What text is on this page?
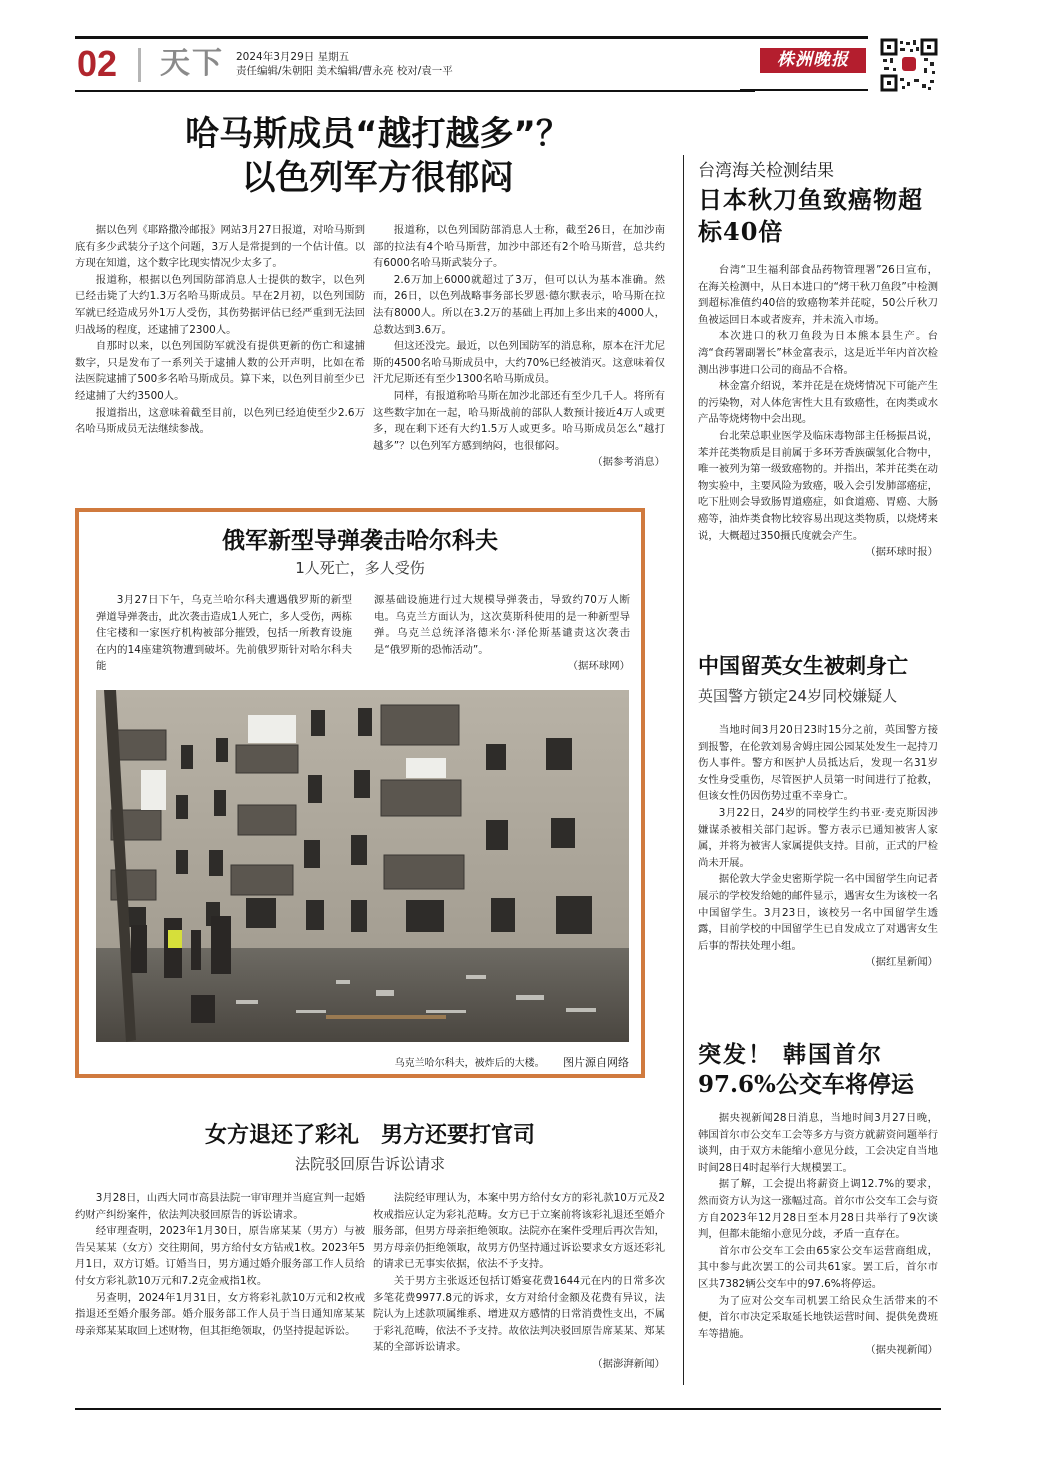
02 天下 2024年3月29日 星期五
责任编辑/朱朝阳 美术编辑/曹永亮 校对/袁一平
株洲晚报
哈马斯成员“越打越多”？
以色列军方很郁闷

据以色列《耶路撒冷邮报》网站3月27日报道，对哈马斯到底有多少武装分子这个问题，3万人是常提到的一个估计值。以方现在知道，这个数字比现实情况少太多了。

报道称，根据以色列国防部消息人士提供的数字，以色列已经击毙了大约1.3万名哈马斯成员。早在2月初，以色列国防军就已经造成另外1万人受伤，其伤势据评估已经严重到无法回归战场的程度，还逮捕了2300人。

自那时以来，以色列国防军就没有提供更新的伤亡和逮捕数字，只是发布了一系列关于逮捕人数的公开声明，比如在希法医院逮捕了500多名哈马斯成员。算下来，以色列目前至少已经逮捕了大约3500人。

报道指出，这意味着截至目前，以色列已经迫使至少2.6万名哈马斯成员无法继续参战。

报道称，以色列国防部消息人士称，截至26日，在加沙南部的拉法有4个哈马斯营，加沙中部还有2个哈马斯营，总共约有6000名哈马斯武装分子。

2.6万加上6000就超过了3万，但可以认为基本准确。然而，26日，以色列战略事务部长罗恩·德尔默表示，哈马斯在拉法有8000人。所以在3.2万的基础上再加上多出来的4000人，总数达到3.6万。

但这还没完。最近，以色列国防军的消息称，原本在汗尤尼斯的4500名哈马斯成员中，大约70%已经被消灭。这意味着仅汗尤尼斯还有至少1300名哈马斯成员。

同样，有报道称哈马斯在加沙北部还有至少几千人。将所有这些数字加在一起，哈马斯战前的部队人数预计接近4万人或更多，现在剩下还有大约1.5万人或更多。哈马斯成员怎么“越打越多”？以色列军方感到纳闷，也很郁闷。

（据参考消息）

俄军新型导弹袭击哈尔科夫
1人死亡，多人受伤

3月27日下午，乌克兰哈尔科夫遭遇俄罗斯的新型弹道导弹袭击，此次袭击造成1人死亡，多人受伤，两栋住宅楼和一家医疗机构被部分摧毁，包括一所教育设施在内的14座建筑物遭到破坏。先前俄罗斯针对哈尔科夫能

源基础设施进行过大规模导弹袭击，导致约70万人断电。乌克兰方面认为，这次莫斯科使用的是一种新型导弹。乌克兰总统泽洛德米尔·泽伦斯基谴责这次袭击是“俄罗斯的恐怖活动”。

（据环球网）

乌克兰哈尔科夫，被炸后的大楼。 图片源自网络
女方退还了彩礼　男方还要打官司
法院驳回原告诉讼请求

3月28日，山西大同市高县法院一审审理并当庭宣判一起婚约财产纠纷案件，依法判决驳回原告的诉讼请求。

经审理查明，2023年1月30日，原告席某某（男方）与被告吴某某（女方）交往期间，男方给付女方钻戒1枚。2023年5月1日，双方订婚。订婚当日，男方通过婚介服务部工作人员给付女方彩礼款10万元和7.2克金戒指1枚。

另查明，2024年1月31日，女方将彩礼款10万元和2枚戒指退还至婚介服务部。婚介服务部工作人员于当日通知席某某母亲郑某某取回上述财物，但其拒绝领取，仍坚持提起诉讼。

法院经审理认为，本案中男方给付女方的彩礼款10万元及2枚戒指应认定为彩礼范畴。女方已于立案前将该彩礼退还至婚介服务部，但男方母亲拒绝领取。法院亦在案件受理后再次告知，男方母亲仍拒绝领取，故男方仍坚持通过诉讼要求女方返还彩礼的请求已无事实依据，依法不予支持。

关于男方主张返还包括订婚宴花费1644元在内的日常多次多笔花费9977.8元的诉求，女方对给付金额及花费有异议，法院认为上述款项属维系、增进双方感情的日常消费性支出，不属于彩礼范畴，依法不予支持。故依法判决驳回原告席某某、郑某某的全部诉讼请求。

（据澎湃新闻）

台湾海关检测结果
日本秋刀鱼致癌物超标40倍

台湾“卫生福利部食品药物管理署”26日宣布，在海关检测中，从日本进口的“烤干秋刀鱼段”中检测到超标准值约40倍的致癌物苯并芘啶，50公斤秋刀鱼被运回日本或者废弃，并未流入市场。

本次进口的秋刀鱼段为日本熊本县生产。台湾“食药署副署长”林金富表示，这是近半年内首次检测出涉事进口公司的商品不合格。

林金富介绍说，苯并芘是在烧烤情况下可能产生的污染物，对人体危害性大且有致癌性，在肉类或水产品等烧烤物中会出现。

台北荣总职业医学及临床毒物部主任杨振昌说，苯并芘类物质是目前属于多环芳香族碳氢化合物中，唯一被列为第一级致癌物的。并指出，苯并芘类在动物实验中，主要风险为致癌，吸入会引发肺部癌症，吃下肚则会导致肠胃道癌症，如食道癌、胃癌、大肠癌等，油炸类食物比较容易出现这类物质，以烧烤来说，大概超过350摄氏度就会产生。

（据环球时报）

中国留英女生被刺身亡
英国警方锁定24岁同校嫌疑人

当地时间3月20日23时15分之前，英国警方接到报警，在伦敦刘易舍姆庄园公园某处发生一起持刀伤人事件。警方和医护人员抵达后，发现一名31岁女性身受重伤，尽管医护人员第一时间进行了抢救，但该女性仍因伤势过重不幸身亡。

3月22日，24岁的同校学生约书亚·麦克斯因涉嫌谋杀被相关部门起诉。警方表示已通知被害人家属，并将为被害人家属提供支持。目前，正式的尸检尚未开展。

据伦敦大学金史密斯学院一名中国留学生向记者展示的学校发给她的邮件显示，遇害女生为该校一名中国留学生。3月23日，该校另一名中国留学生透露，目前学校的中国留学生已自发成立了对遇害女生后事的帮扶处理小组。

（据红星新闻）

突发！ 韩国首尔
97.6%公交车将停运

据央视新闻28日消息，当地时间3月27日晚，韩国首尔市公交车工会等多方与资方就薪资问题举行谈判，由于双方未能缩小意见分歧，工会决定自当地时间28日4时起举行大规模罢工。

据了解，工会提出将薪资上调12.7%的要求，然而资方认为这一涨幅过高。首尔市公交车工会与资方自2023年12月28日至本月28日共举行了9次谈判，但都未能缩小意见分歧，矛盾一直存在。

首尔市公交车工会由65家公交车运营商组成，其中参与此次罢工的公司共61家。罢工后，首尔市区共7382辆公交车中的97.6%将停运。

为了应对公交车司机罢工给民众生活带来的不便，首尔市决定采取延长地铁运营时间、提供免费班车等措施。

（据央视新闻）
